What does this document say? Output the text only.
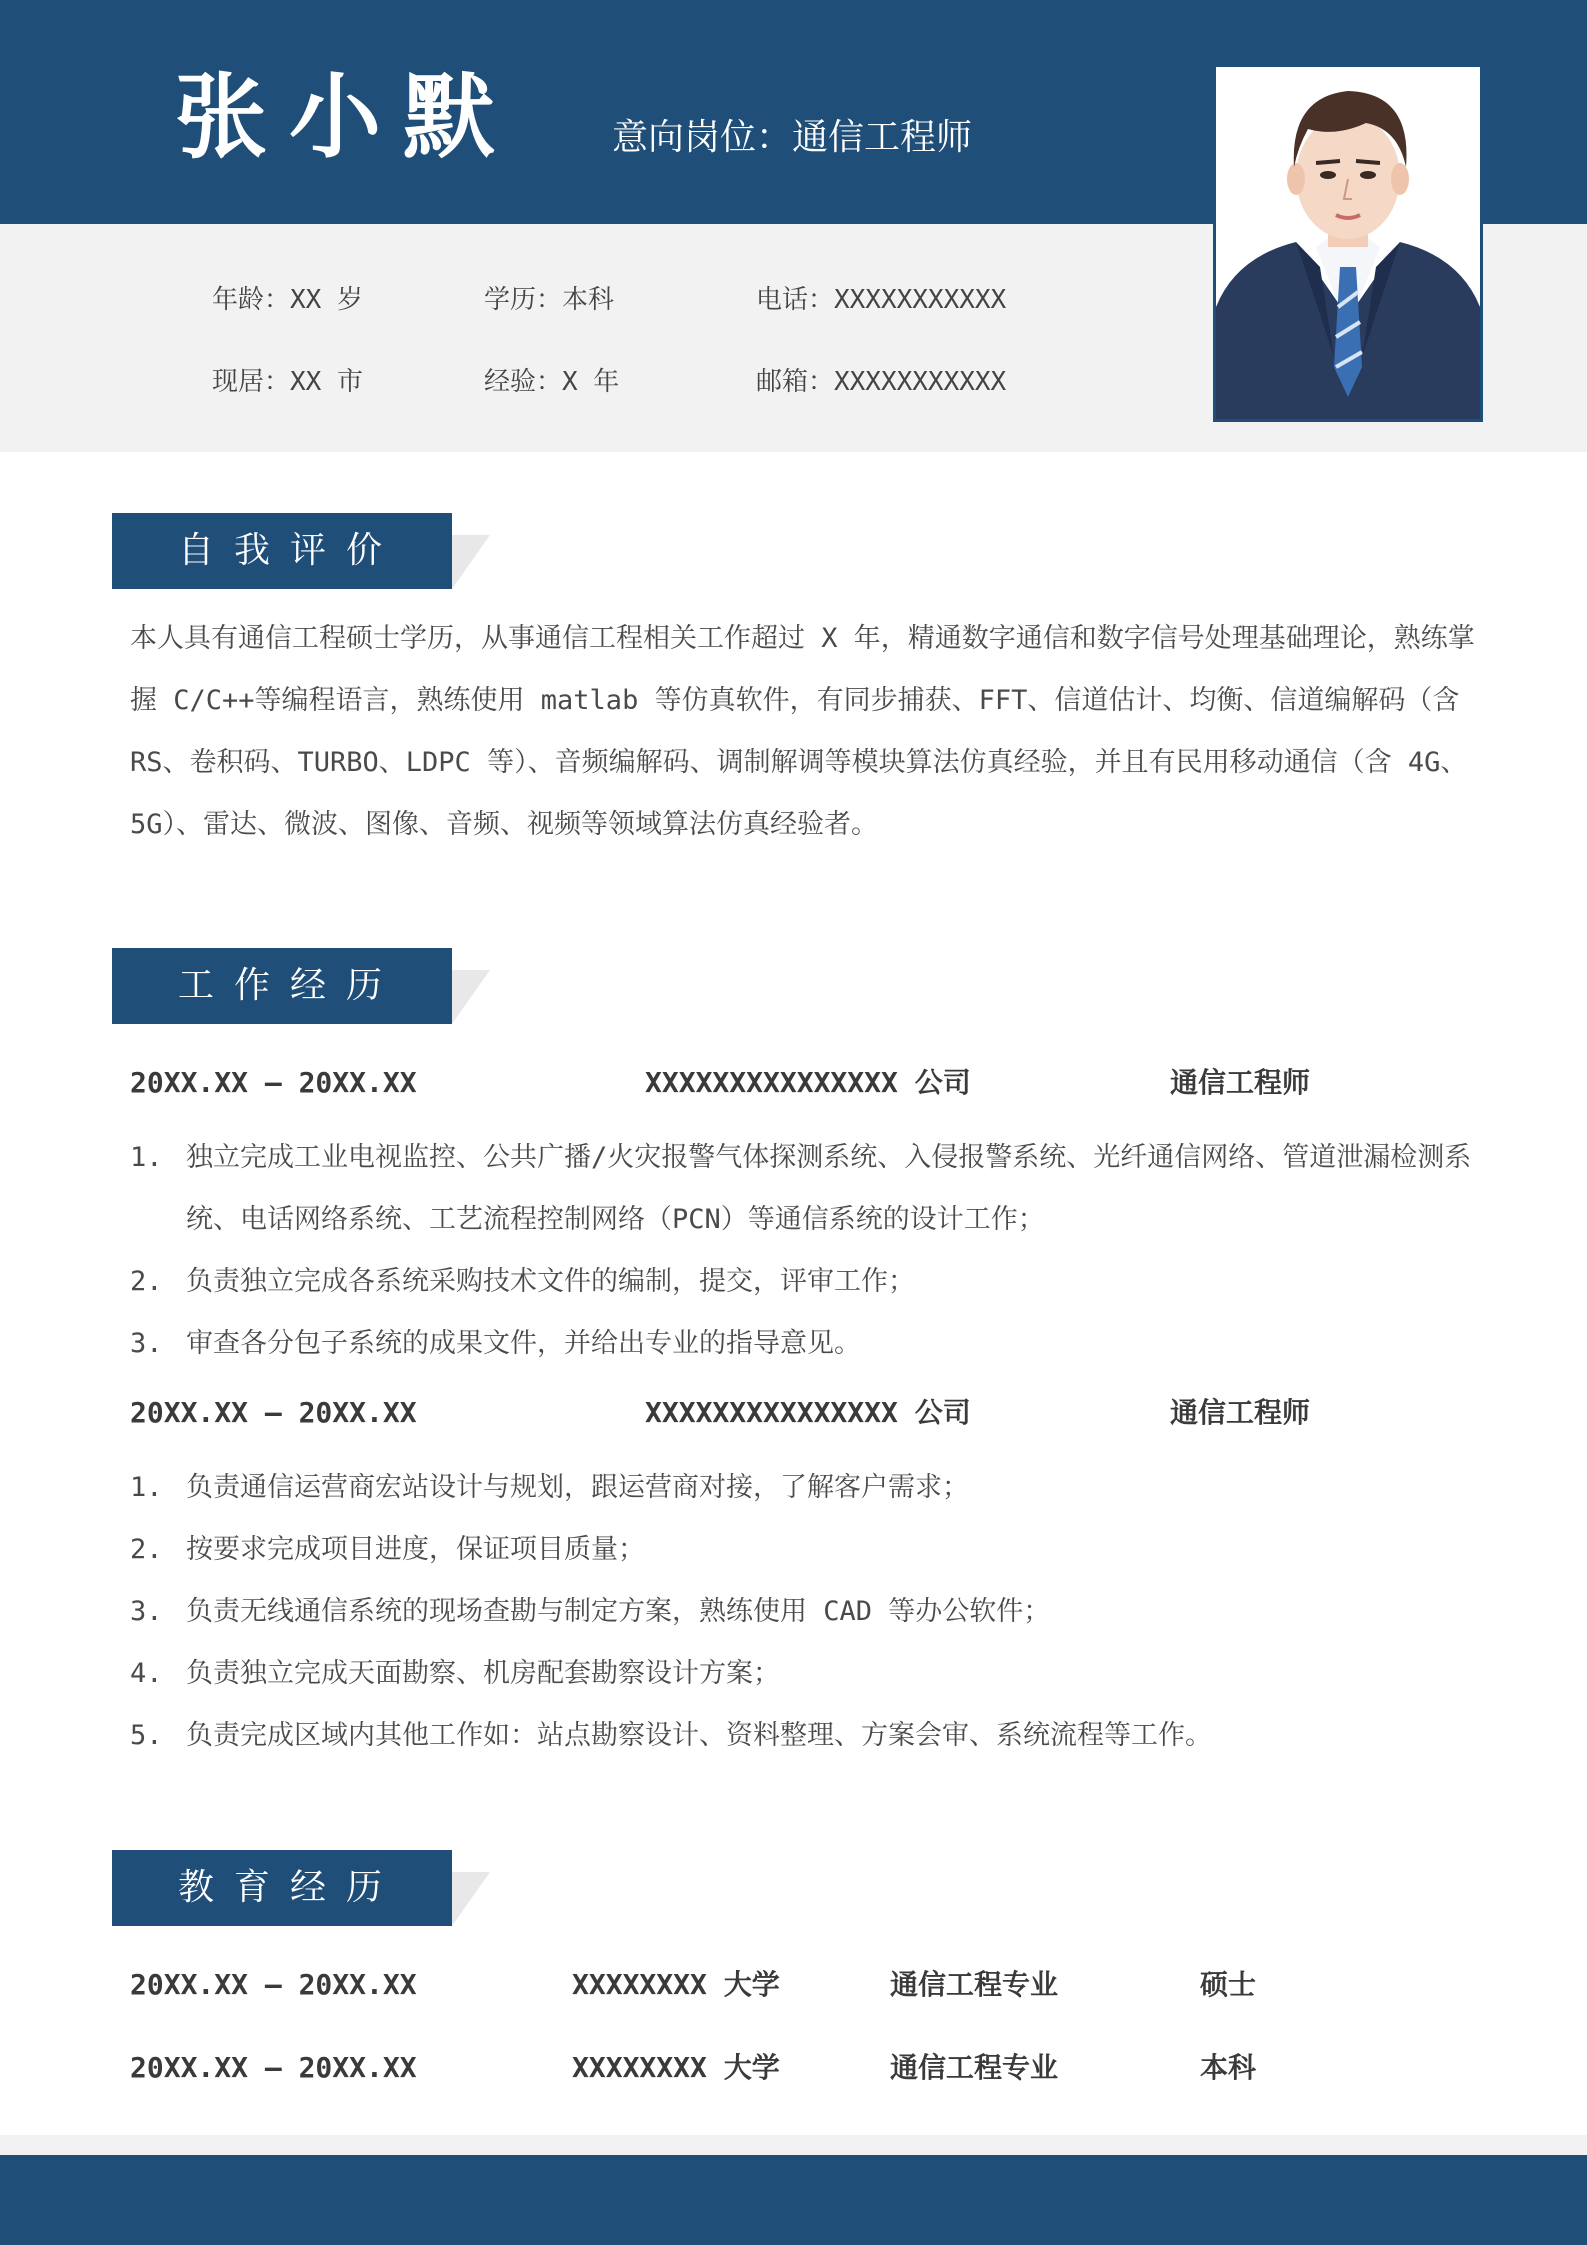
张小默	意向岗位：通信工程师
年龄：XX 岁	学历：本科	电话：XXXXXXXXXXX
现居：XX 市	经验：X 年	邮箱：XXXXXXXXXXX
自我评价
本人具有通信工程硕士学历，从事通信工程相关工作超过 X 年，精通数字通信和数字信号处理基础理论，熟练掌握 C/C++等编程语言，熟练使用 matlab 等仿真软件，有同步捕获、FFT、信道估计、均衡、信道编解码（含 RS、卷积码、TURBO、LDPC 等）、音频编解码、调制解调等模块算法仿真经验，并且有民用移动通信（含 4G、5G）、雷达、微波、图像、音频、视频等领域算法仿真经验者。
工作经历
20XX.XX – 20XX.XX	XXXXXXXXXXXXXXX 公司	通信工程师
1. 独立完成工业电视监控、公共广播/火灾报警气体探测系统、入侵报警系统、光纤通信网络、管道泄漏检测系统、电话网络系统、工艺流程控制网络（PCN）等通信系统的设计工作；
2. 负责独立完成各系统采购技术文件的编制，提交，评审工作；
3. 审查各分包子系统的成果文件，并给出专业的指导意见。
20XX.XX – 20XX.XX	XXXXXXXXXXXXXXX 公司	通信工程师
1. 负责通信运营商宏站设计与规划，跟运营商对接，了解客户需求；
2. 按要求完成项目进度，保证项目质量；
3. 负责无线通信系统的现场查勘与制定方案，熟练使用 CAD 等办公软件；
4. 负责独立完成天面勘察、机房配套勘察设计方案；
5. 负责完成区域内其他工作如：站点勘察设计、资料整理、方案会审、系统流程等工作。
教育经历
20XX.XX – 20XX.XX	XXXXXXXX 大学	通信工程专业	硕士
20XX.XX – 20XX.XX	XXXXXXXX 大学	通信工程专业	本科
